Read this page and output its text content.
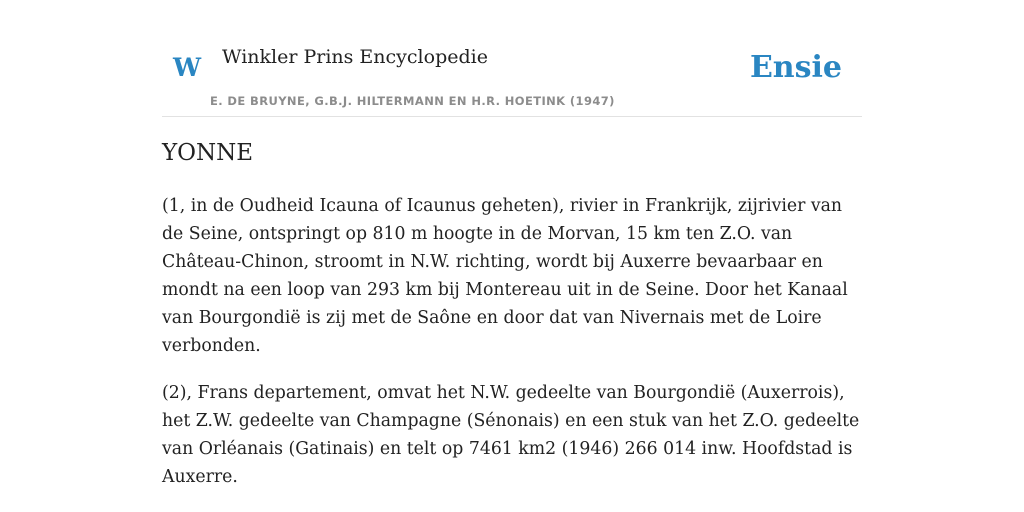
W Winkler Prins Encyclopedie
E. DE BRUYNE, G.B.J. HILTERMANN EN H.R. HOETINK (1947)
Ensie
YONNE

(1, in de Oudheid Icauna of Icaunus geheten), rivier in Frankrijk, zijrivier van de Seine, ontspringt op 810 m hoogte in de Morvan, 15 km ten Z.O. van Château-Chinon, stroomt in N.W. richting, wordt bij Auxerre bevaarbaar en mondt na een loop van 293 km bij Montereau uit in de Seine. Door het Kanaal van Bourgondië is zij met de Saône en door dat van Nivernais met de Loire verbonden.

(2), Frans departement, omvat het N.W. gedeelte van Bourgondië (Auxerrois), het Z.W. gedeelte van Champagne (Sénonais) en een stuk van het Z.O. gedeelte van Orléanais (Gatinais) en telt op 7461 km2 (1946) 266 014 inw. Hoofdstad is Auxerre.
